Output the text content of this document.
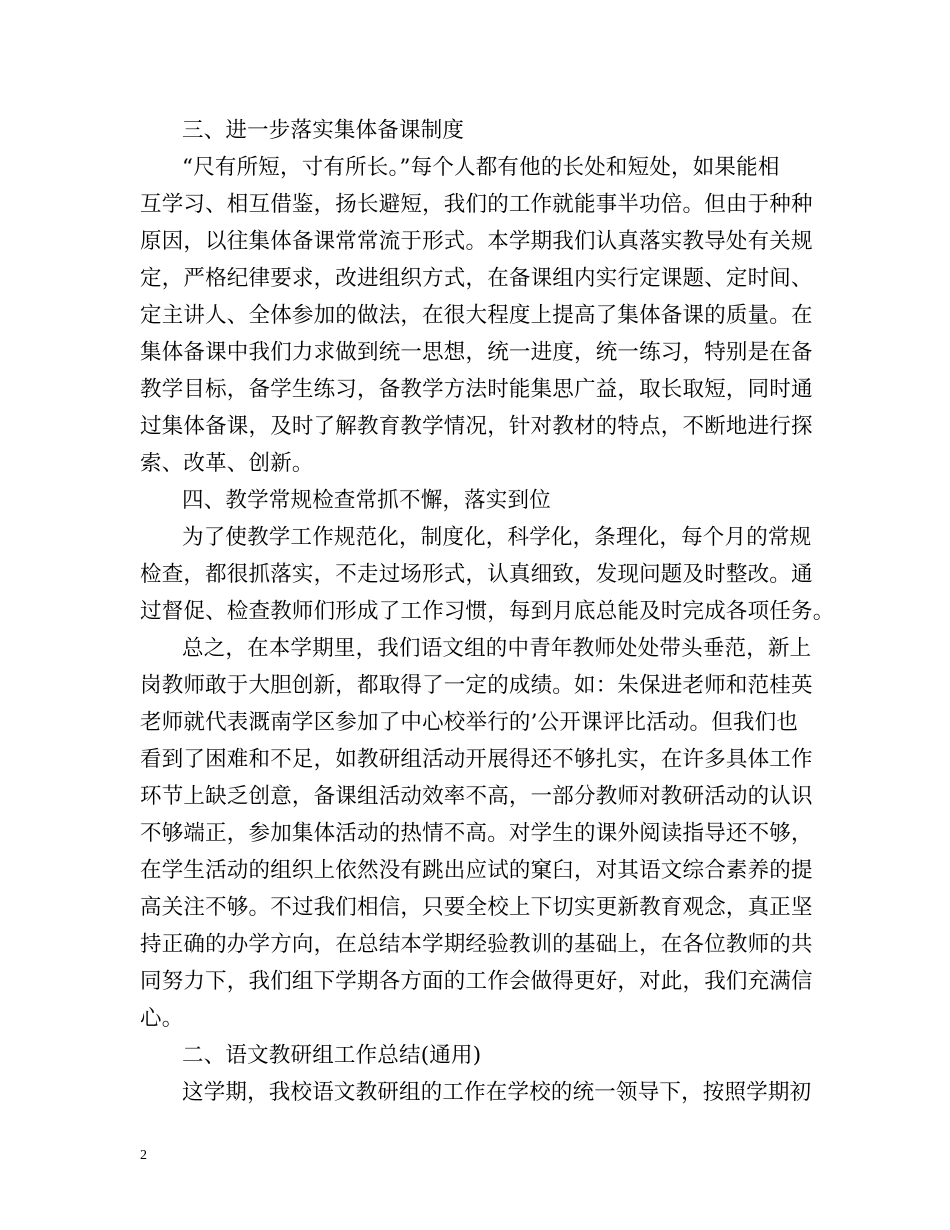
三、进一步落实集体备课制度
“尺有所短，寸有所长。”每个人都有他的长处和短处，如果能相
互学习、相互借鉴，扬长避短，我们的工作就能事半功倍。但由于种种
原因，以往集体备课常常流于形式。本学期我们认真落实教导处有关规
定，严格纪律要求，改进组织方式，在备课组内实行定课题、定时间、
定主讲人、全体参加的做法，在很大程度上提高了集体备课的质量。在
集体备课中我们力求做到统一思想，统一进度，统一练习，特别是在备
教学目标，备学生练习，备教学方法时能集思广益，取长取短，同时通
过集体备课，及时了解教育教学情况，针对教材的特点，不断地进行探
索、改革、创新。
四、教学常规检查常抓不懈，落实到位
为了使教学工作规范化，制度化，科学化，条理化，每个月的常规
检查，都很抓落实，不走过场形式，认真细致，发现问题及时整改。通
过督促、检查教师们形成了工作习惯，每到月底总能及时完成各项任务。
总之，在本学期里，我们语文组的中青年教师处处带头垂范，新上
岗教师敢于大胆创新，都取得了一定的成绩。如：朱保进老师和范桂英
老师就代表溉南学区参加了中心校举行的’公开课评比活动。但我们也
看到了困难和不足，如教研组活动开展得还不够扎实，在许多具体工作
环节上缺乏创意，备课组活动效率不高，一部分教师对教研活动的认识
不够端正，参加集体活动的热情不高。对学生的课外阅读指导还不够，
在学生活动的组织上依然没有跳出应试的窠臼，对其语文综合素养的提
高关注不够。不过我们相信，只要全校上下切实更新教育观念，真正坚
持正确的办学方向，在总结本学期经验教训的基础上，在各位教师的共
同努力下，我们组下学期各方面的工作会做得更好，对此，我们充满信
心。
二、语文教研组工作总结(通用)
这学期，我校语文教研组的工作在学校的统一领导下，按照学期初
2
